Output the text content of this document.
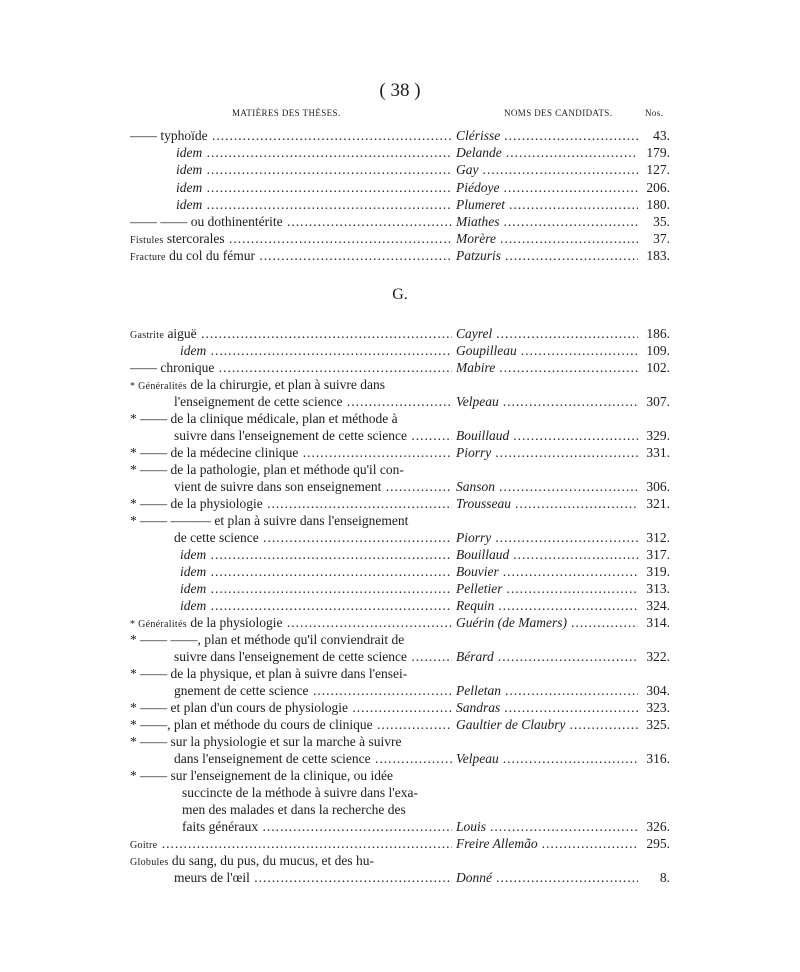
( 38 )
MATIÈRES DES THÈSES.	NOMS DES CANDIDATS.	Nos.
G.
—— typhoïde .....	Clérisse .....	43.
idem .....	Delande .....	179.
idem .....	Gay .....	127.
idem .....	Piédoye .....	206.
idem .....	Plumeret .....	180.
—— —— ou dothinentérite .....	Miathes .....	35.
Fistules stercorales .....	Morère .....	37.
Fracture du col du fémur .....	Patzuris .....	183.
Gastrite aiguë .....	Cayrel .....	186.
idem .....	Goupilleau .....	109.
—— chronique .....	Mabire .....	102.
* Généralités de la chirurgie, et plan à suivre dans
l'enseignement de cette science .....	Velpeau .....	307.
* —— de la clinique médicale, plan et méthode à
suivre dans l'enseignement de cette science .....	Bouillaud .....	329.
* —— de la médecine clinique .....	Piorry .....	331.
* —— de la pathologie, plan et méthode qu'il con-
vient de suivre dans son enseignement .....	Sanson .....	306.
* —— de la physiologie .....	Trousseau .....	321.
* —— ——— et plan à suivre dans l'enseignement
de cette science .....	Piorry .....	312.
idem .....	Bouillaud .....	317.
idem .....	Bouvier .....	319.
idem .....	Pelletier .....	313.
idem .....	Requin .....	324.
* Généralités de la physiologie .....	Guérin (de Mamers) .....	314.
* —— ——, plan et méthode qu'il conviendrait de
suivre dans l'enseignement de cette science .....	Bérard .....	322.
* —— de la physique, et plan à suivre dans l'ensei-
gnement de cette science .....	Pelletan .....	304.
* —— et plan d'un cours de physiologie .....	Sandras .....	323.
* ——, plan et méthode du cours de clinique .....	Gaultier de Claubry .....	325.
* —— sur la physiologie et sur la marche à suivre
dans l'enseignement de cette science .....	Velpeau .....	316.
* —— sur l'enseignement de la clinique, ou idée
succincte de la méthode à suivre dans l'exa-
men des malades et dans la recherche des
faits généraux .....	Louis .....	326.
Goitre .....	Freire Allemão .....	295.
Globules du sang, du pus, du mucus, et des hu-
meurs de l'œil .....	Donné .....	8.
